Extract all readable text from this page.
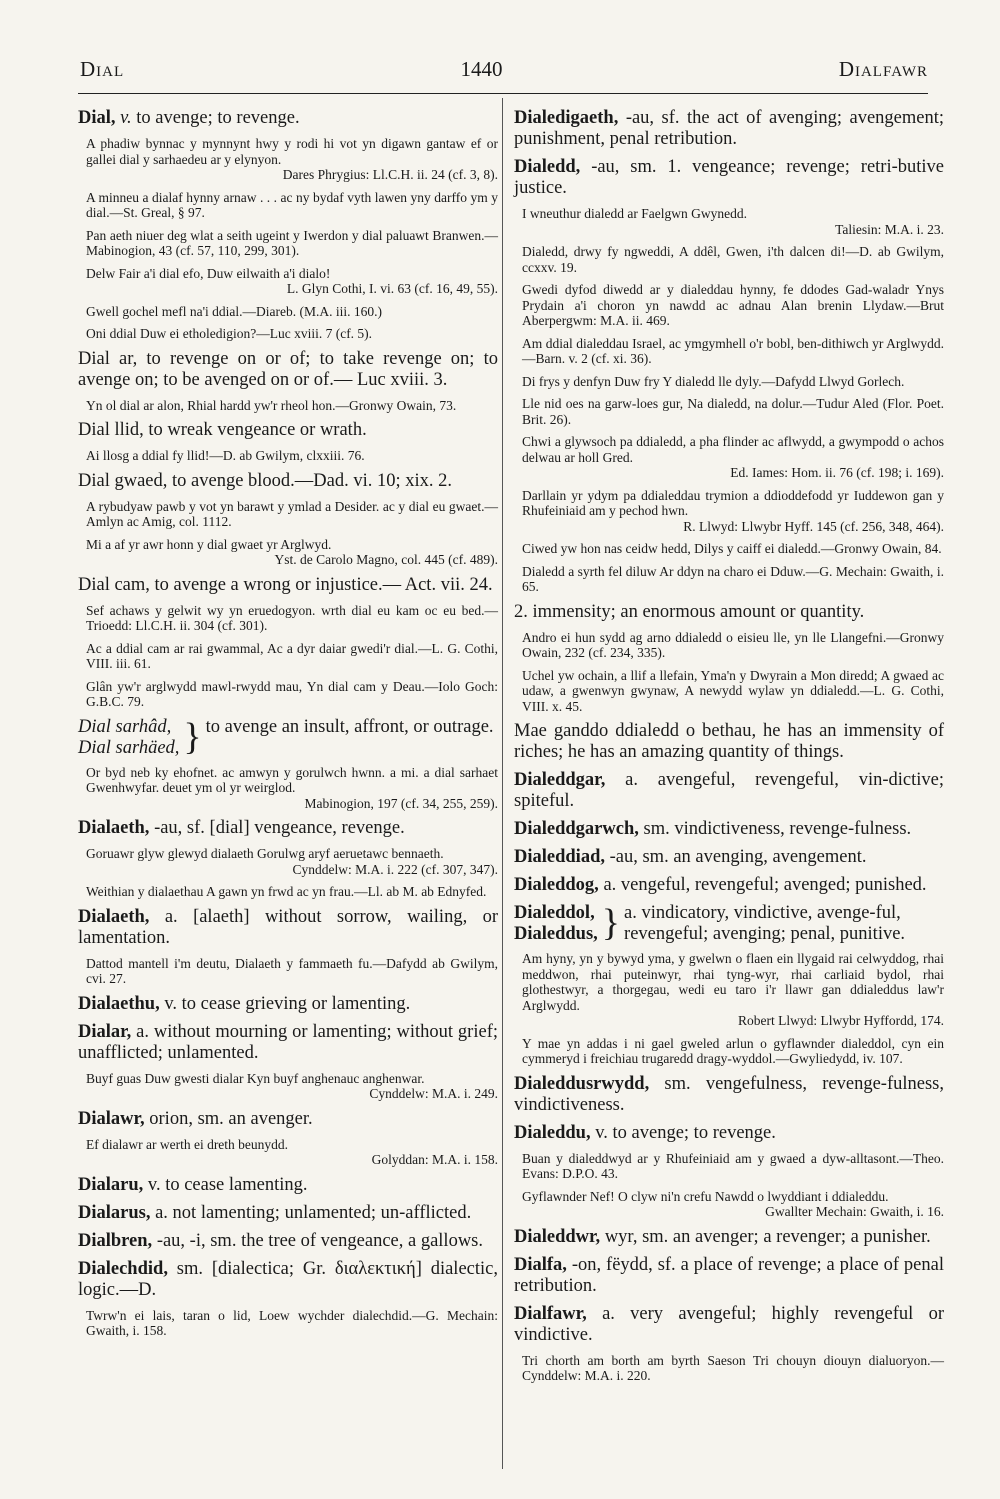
Dial	1440	Dialfawr
Dial, v. to avenge; to revenge.
A phadiw bynnac y mynnynt hwy y rodi hi vot yn digawn gantaw ef or gallei dial y sarhaedeu ar y elynyon.
Dares Phrygius: Ll.C.H. ii. 24 (cf. 3, 8).
A minneu a dialaf hynny arnaw . . . ac ny bydaf vyth lawen yny darffo ym y dial.—St. Greal, § 97.
Pan aeth niuer deg wlat a seith ugeint y Iwerdon y dial paluawt Branwen.—Mabinogion, 43 (cf. 57, 110, 299, 301).
Delw Fair a'i dial efo, Duw eilwaith a'i dialo!
L. Glyn Cothi, I. vi. 63 (cf. 16, 49, 55).
Gwell gochel mefl na'i ddial.—Diareb. (M.A. iii. 160.)
Oni ddial Duw ei etholedigion?—Luc xviii. 7 (cf. 5).
Dial ar, to revenge on or of; to take revenge on; to avenge on; to be avenged on or of.— Luc xviii. 3.
Yn ol dial ar alon, Rhial hardd yw'r rheol hon.—Gronwy Owain, 73.
Dial llid, to wreak vengeance or wrath.
Ai llosg a ddial fy llid!—D. ab Gwilym, clxxiii. 76.
Dial gwaed, to avenge blood.—Dad. vi. 10; xix. 2.
A rybudyaw pawb y vot yn barawt y ymlad a Desider. ac y dial eu gwaet.—Amlyn ac Amig, col. 1112.
Mi a af yr awr honn y dial gwaet yr Arglwyd.
Yst. de Carolo Magno, col. 445 (cf. 489).
Dial cam, to avenge a wrong or injustice.— Act. vii. 24.
Sef achaws y gelwit wy yn eruedogyon. wrth dial eu kam oc eu bed.—Trioedd: Ll.C.H. ii. 304 (cf. 301).
Ac a ddial cam ar rai gwammal, Ac a dyr daiar gwedi'r dial.—L. G. Cothi, VIII. iii. 61.
Glân yw'r arglwydd mawl-rwydd mau, Yn dial cam y Deau.—Iolo Goch: G.B.C. 79.
Dial sarhâd,
Dial sarhäed, } to avenge an insult, affront, or outrage.
Or byd neb ky ehofnet. ac amwyn y gorulwch hwnn. a mi. a dial sarhaet Gwenhwyfar. deuet ym ol yr weirglod.
Mabinogion, 197 (cf. 34, 255, 259).
Dialaeth, -au, sf. [dial] vengeance, revenge.
Goruawr glyw glewyd dialaeth Gorulwg aryf aeruetawc bennaeth.
Cynddelw: M.A. i. 222 (cf. 307, 347).
Weithian y dialaethau A gawn yn frwd ac yn frau.—Ll. ab M. ab Ednyfed.
Dialaeth, a. [alaeth] without sorrow, wailing, or lamentation.
Dattod mantell i'm deutu, Dialaeth y fammaeth fu.—Dafydd ab Gwilym, cvi. 27.
Dialaethu, v. to cease grieving or lamenting.
Dialar, a. without mourning or lamenting; without grief; unafflicted; unlamented.
Buyf guas Duw gwesti dialar Kyn buyf anghenauc anghenwar.
Cynddelw: M.A. i. 249.
Dialawr, orion, sm. an avenger.
Ef dialawr ar werth ei dreth beunydd.
Golyddan: M.A. i. 158.
Dialaru, v. to cease lamenting.
Dialarus, a. not lamenting; unlamented; un-afflicted.
Dialbren, -au, -i, sm. the tree of vengeance, a gallows.
Dialechdid, sm. [dialectica; Gr. διαλεκτική] dialectic, logic.—D.
Twrw'n ei lais, taran o lid, Loew wychder dialechdid.—G. Mechain: Gwaith, i. 158.
Dialedigaeth, -au, sf. the act of avenging; avengement; punishment, penal retribution.
Dialedd, -au, sm. 1. vengeance; revenge; retri-butive justice.
I wneuthur dialedd ar Faelgwn Gwynedd.
Taliesin: M.A. i. 23.
Dialedd, drwy fy ngweddi, A ddêl, Gwen, i'th dalcen di!—D. ab Gwilym, ccxxv. 19.
Gwedi dyfod diwedd ar y dialeddau hynny, fe ddodes Gad-waladr Ynys Prydain a'i choron yn nawdd ac adnau Alan brenin Llydaw.—Brut Aberpergwm: M.A. ii. 469.
Am ddial dialeddau Israel, ac ymgymhell o'r bobl, ben-dithiwch yr Arglwydd.—Barn. v. 2 (cf. xi. 36).
Di frys y denfyn Duw fry Y dialedd lle dyly.—Dafydd Llwyd Gorlech.
Lle nid oes na garw-loes gur, Na dialedd, na dolur.—Tudur Aled (Flor. Poet. Brit. 26).
Chwi a glywsoch pa ddialedd, a pha flinder ac aflwydd, a gwympodd o achos delwau ar holl Gred.
Ed. Iames: Hom. ii. 76 (cf. 198; i. 169).
Darllain yr ydym pa ddialeddau trymion a ddioddefodd yr Iuddewon gan y Rhufeiniaid am y pechod hwn.
R. Llwyd: Llwybr Hyff. 145 (cf. 256, 348, 464).
Ciwed yw hon nas ceidw hedd, Dilys y caiff ei dialedd.—Gronwy Owain, 84.
Dialedd a syrth fel diluw Ar ddyn na charo ei Dduw.—G. Mechain: Gwaith, i. 65.
2. immensity; an enormous amount or quantity.
Andro ei hun sydd ag arno ddialedd o eisieu lle, yn lle Llangefni.—Gronwy Owain, 232 (cf. 234, 335).
Uchel yw ochain, a llif a llefain, Yma'n y Dwyrain a Mon diredd; A gwaed ac udaw, a gwenwyn gwynaw, A newydd wylaw yn ddialedd.—L. G. Cothi, VIII. x. 45.
Mae ganddo ddialedd o bethau, he has an immensity of riches; he has an amazing quantity of things.
Dialeddgar, a. avengeful, revengeful, vin-dictive; spiteful.
Dialeddgarwch, sm. vindictiveness, revenge-fulness.
Dialeddiad, -au, sm. an avenging, avengement.
Dialeddog, a. vengeful, revengeful; avenged; punished.
Dialeddol,
Dialeddus, } a. vindicatory, vindictive, avenge-ful, revengeful; avenging; penal, punitive.
Am hyny, yn y bywyd yma, y gwelwn o flaen ein llygaid rai celwyddog, rhai meddwon, rhai puteinwyr, rhai tyng-wyr, rhai carliaid bydol, rhai glothestwyr, a thorgegau, wedi eu taro i'r llawr gan ddialeddus law'r Arglwydd.
Robert Llwyd: Llwybr Hyffordd, 174.
Y mae yn addas i ni gael gweled arlun o gyflawnder dialeddol, cyn ein cymmeryd i freichiau trugaredd dragy-wyddol.—Gwyliedydd, iv. 107.
Dialeddusrwydd, sm. vengefulness, revenge-fulness, vindictiveness.
Dialeddu, v. to avenge; to revenge.
Buan y dialeddwyd ar y Rhufeiniaid am y gwaed a dyw-alltasont.—Theo. Evans: D.P.O. 43.
Gyflawnder Nef! O clyw ni'n crefu Nawdd o lwyddiant i ddialeddu.
Gwallter Mechain: Gwaith, i. 16.
Dialeddwr, wyr, sm. an avenger; a revenger; a punisher.
Dialfa, -on, fëydd, sf. a place of revenge; a place of penal retribution.
Dialfawr, a. very avengeful; highly revengeful or vindictive.
Tri chorth am borth am byrth Saeson Tri chouyn diouyn dialuoryon.—Cynddelw: M.A. i. 220.
